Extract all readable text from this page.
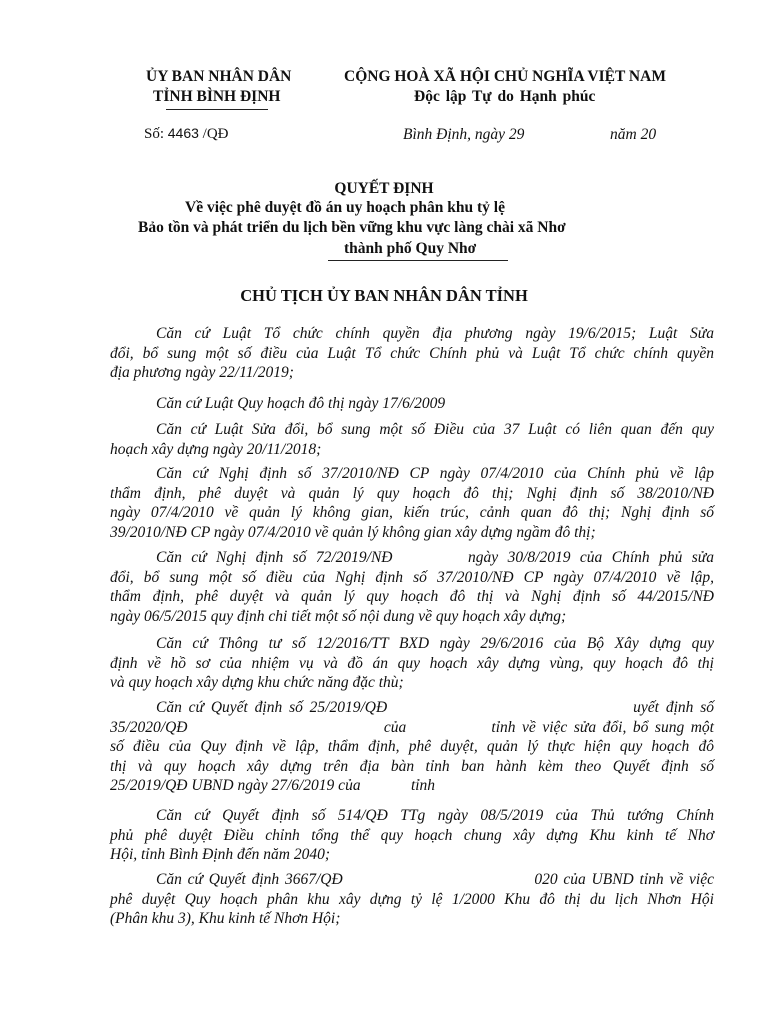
ỦY BAN NHÂN DÂN
TỈNH BÌNH ĐỊNH
CỘNG HOÀ XÃ HỘI CHỦ NGHĨA VIỆT NAM
Độc lập Tự do Hạnh phúc
Số: 4463 /QĐ	Bình Định, ngày 29	năm 20
QUYẾT ĐỊNH
Về việc phê duyệt đồ án uy hoạch phân khu tỷ lệ
Bảo tồn và phát triển du lịch bền vững khu vực làng chài xã Nhơ
thành phố Quy Nhơ
CHỦ TỊCH ỦY BAN NHÂN DÂN TỈNH
Căn cứ Luật Tổ chức chính quyền địa phương ngày 19/6/2015; Luật Sửa
đổi, bổ sung một số điều của Luật Tổ chức Chính phủ và Luật Tổ chức chính quyền
địa phương ngày 22/11/2019;
Căn cứ Luật Quy hoạch đô thị ngày 17/6/2009
Căn cứ Luật Sửa đổi, bổ sung một số Điều của 37 Luật có liên quan đến quy
hoạch xây dựng ngày 20/11/2018;
Căn cứ Nghị định số 37/2010/NĐ CP ngày 07/4/2010 của Chính phủ về lập
thẩm định, phê duyệt và quản lý quy hoạch đô thị; Nghị định số 38/2010/NĐ
ngày 07/4/2010 về quản lý không gian, kiến trúc, cảnh quan đô thị; Nghị định số
39/2010/NĐ CP ngày 07/4/2010 về quản lý không gian xây dựng ngầm đô thị;
Căn cứ Nghị định số 72/2019/NĐ        ngày 30/8/2019 của Chính phủ sửa
đổi, bổ sung một số điều của Nghị định số 37/2010/NĐ CP ngày 07/4/2010 về lập,
thẩm định, phê duyệt và quản lý quy hoạch đô thị và Nghị định số 44/2015/NĐ
ngày 06/5/2015 quy định chi tiết một số nội dung về quy hoạch xây dựng;
Căn cứ Thông tư số 12/2016/TT BXD ngày 29/6/2016 của Bộ Xây dựng quy
định về hồ sơ của nhiệm vụ và đồ án quy hoạch xây dựng vùng, quy hoạch đô thị
và quy hoạch xây dựng khu chức năng đặc thù;
Căn cứ Quyết định số 25/2019/QĐ                                    uyết định số
35/2020/QĐ                              của             tỉnh về việc sửa đổi, bổ sung một
số điều của Quy định về lập, thẩm định, phê duyệt, quản lý thực hiện quy hoạch đô
thị và quy hoạch xây dựng trên địa bàn tỉnh ban hành kèm theo Quyết định số
25/2019/QĐ UBND ngày 27/6/2019 của             tỉnh
Căn cứ Quyết định số 514/QĐ TTg ngày 08/5/2019 của Thủ tướng Chính
phủ phê duyệt Điều chỉnh tổng thể quy hoạch chung xây dựng Khu kinh tế Nhơ
Hội, tỉnh Bình Định đến năm 2040;
Căn cứ Quyết định 3667/QĐ                                 020 của UBND tỉnh về việc
phê duyệt Quy hoạch phân khu xây dựng tỷ lệ 1/2000 Khu đô thị du lịch Nhơn Hội
(Phân khu 3), Khu kinh tế Nhơn Hội;
